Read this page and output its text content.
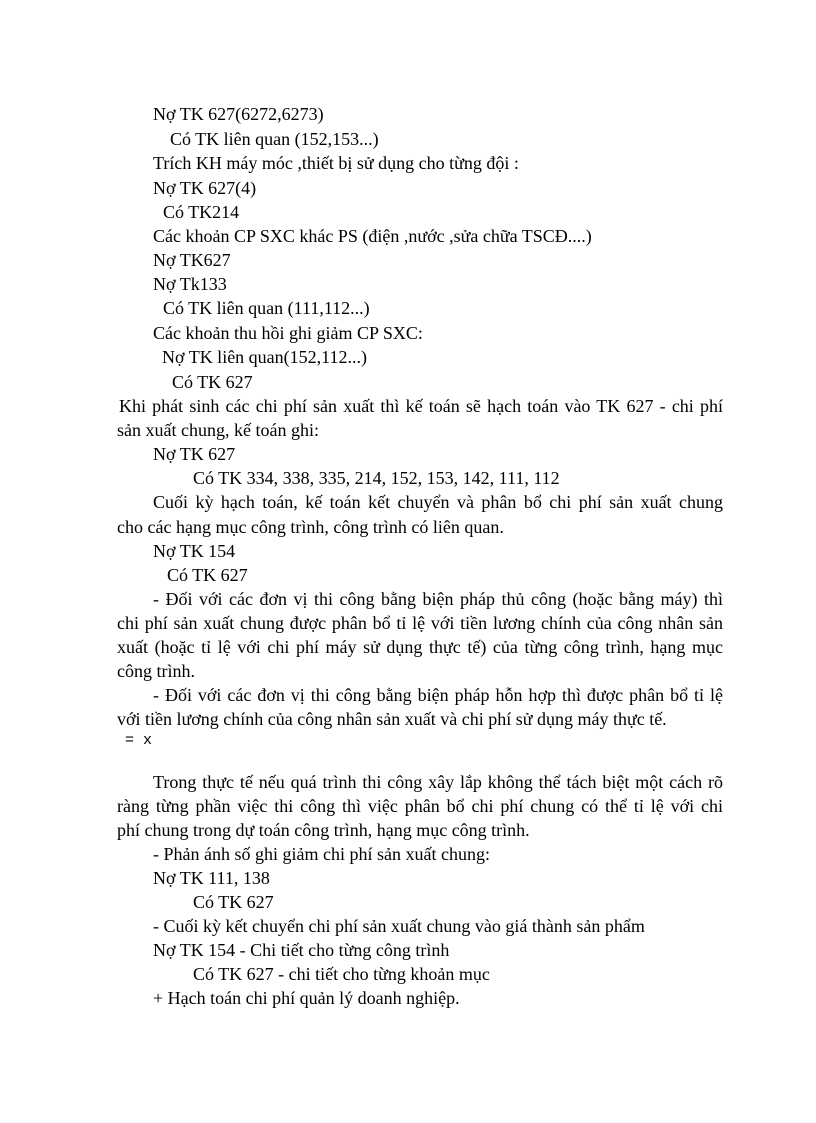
Nợ TK 627(6272,6273)
Có TK liên quan (152,153...)
Trích KH máy móc ,thiết bị sử dụng cho từng đội :
Nợ TK 627(4)
Có TK214
Các khoản CP SXC khác PS (điện ,nước ,sửa chữa TSCĐ....)
Nợ TK627
Nợ Tk133
Có TK liên quan (111,112...)
Các khoản thu hồi ghi giảm CP SXC:
Nợ TK liên quan(152,112...)
Có TK 627
Khi phát sinh các chi phí sản xuất thì kế toán sẽ hạch toán vào TK 627 - chi phí
sản xuất chung, kế toán ghi:
Nợ TK 627
Có TK 334, 338, 335, 214, 152, 153, 142, 111, 112
Cuối kỳ hạch toán, kế toán kết chuyển và phân bổ chi phí sản xuất chung
cho các hạng mục công trình, công trình có liên quan.
Nợ TK 154
Có TK 627
- Đối với các đơn vị thi công bằng biện pháp thủ công (hoặc bằng máy) thì
chi phí sản xuất chung được phân bổ tỉ lệ với tiền lương chính của công nhân sản
xuất (hoặc tỉ lệ với chi phí máy sử dụng thực tế) của từng công trình, hạng mục
công trình.
- Đối với các đơn vị thi công bằng biện pháp hỗn hợp thì được phân bổ tỉ lệ
với tiền lương chính của công nhân sản xuất và chi phí sử dụng máy thực tế.
= x
Trong thực tế nếu quá trình thi công xây lắp không thể tách biệt một cách rõ
ràng từng phần việc thi công thì việc phân bổ chi phí chung có thể tỉ lệ với chi
phí chung trong dự toán công trình, hạng mục công trình.
- Phản ánh số ghi giảm chi phí sản xuất chung:
Nợ TK 111, 138
Có TK 627
- Cuối kỳ kết chuyển chi phí sản xuất chung vào giá thành sản phẩm
Nợ TK 154 - Chi tiết cho từng công trình
Có TK 627 - chi tiết cho từng khoản mục
+ Hạch toán chi phí quản lý doanh nghiệp.
